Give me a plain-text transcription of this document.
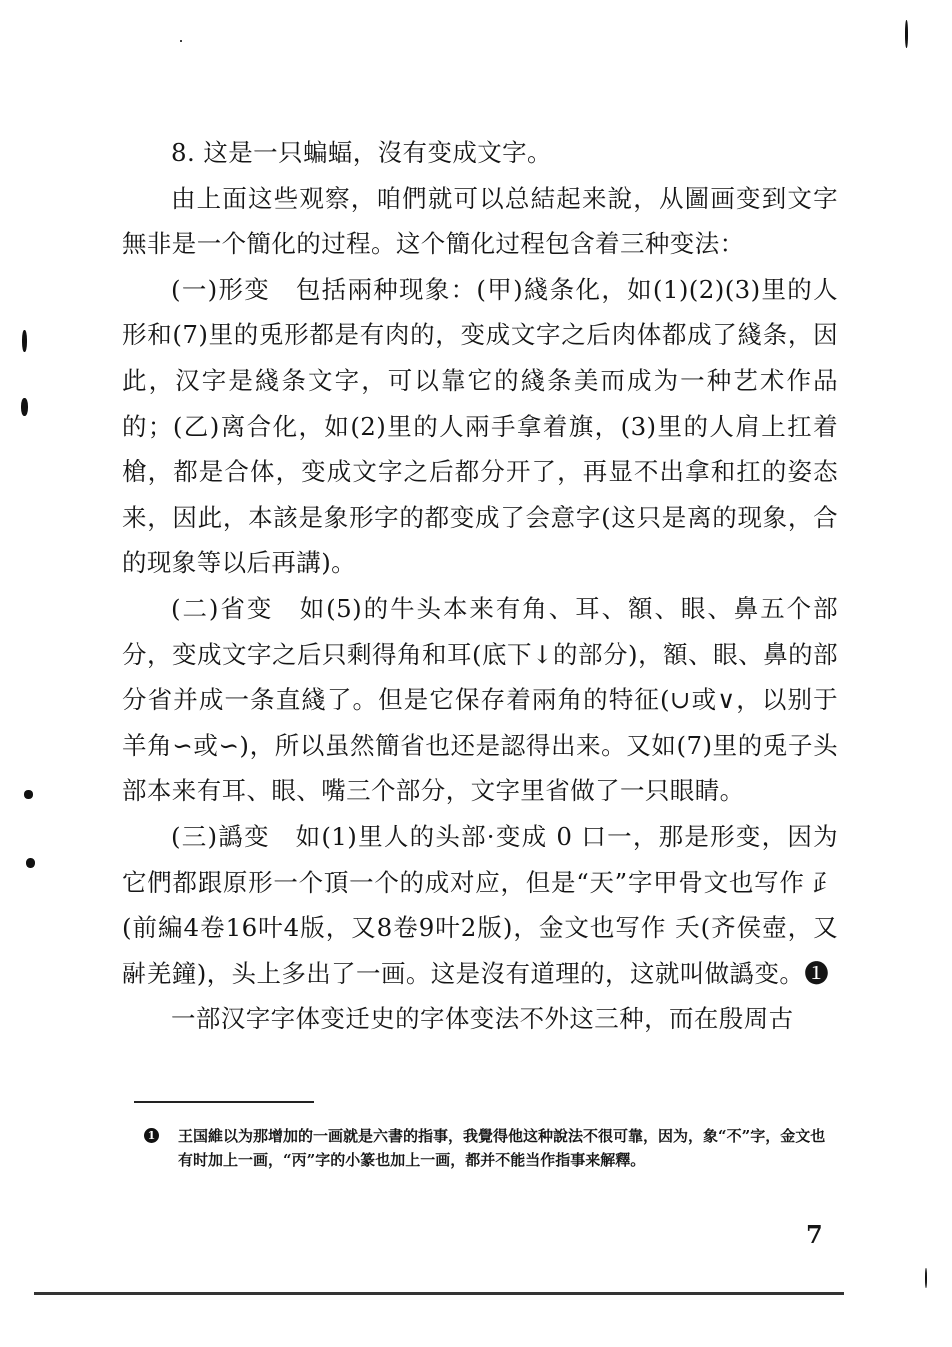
8. 这是一只蝙蝠，沒有变成文字。

由上面这些观察，咱們就可以总結起来說，从圖画变到文字無非是一个簡化的过程。这个簡化过程包含着三种变法：

(一)形变　包括兩种现象：(甲)綫条化，如(1)(2)(3)里的人形和(7)里的兎形都是有肉的，变成文字之后肉体都成了綫条，因此，汉字是綫条文字，可以靠它的綫条美而成为一种艺术作品的；(乙)离合化，如(2)里的人兩手拿着旗，(3)里的人肩上扛着槍，都是合体，变成文字之后都分开了，再显不出拿和扛的姿态来，因此，本該是象形字的都变成了会意字(这只是离的现象，合的现象等以后再講)。

(二)省变　如(5)的牛头本来有角、耳、額、眼、鼻五个部分，变成文字之后只剩得角和耳(底下↓的部分)，額、眼、鼻的部分省并成一条直綫了。但是它保存着兩角的特征(∪或∨，以别于羊角∽或∽)，所以虽然簡省也还是認得出来。又如(7)里的兎子头部本来有耳、眼、嘴三个部分，文字里省做了一只眼睛。

(三)譌变　如(1)里人的头部·变成 0 口一，那是形变，因为它們都跟原形一个頂一个的成对应，但是“天”字甲骨文也写作 ⺪(前編4卷16叶4版，又8卷9叶2版)，金文也写作 夭(齐侯壺，又𩰫羌鐘)，头上多出了一画。这是沒有道理的，这就叫做譌变。❶

一部汉字字体变迁史的字体变法不外这三种，而在殷周古

1 王国維以为那增加的一画就是六書的指事，我覺得他这种說法不很可靠，因为，象“不”字，金文也有时加上一画，“丙”字的小篆也加上一画，都并不能当作指事来解釋。
7
